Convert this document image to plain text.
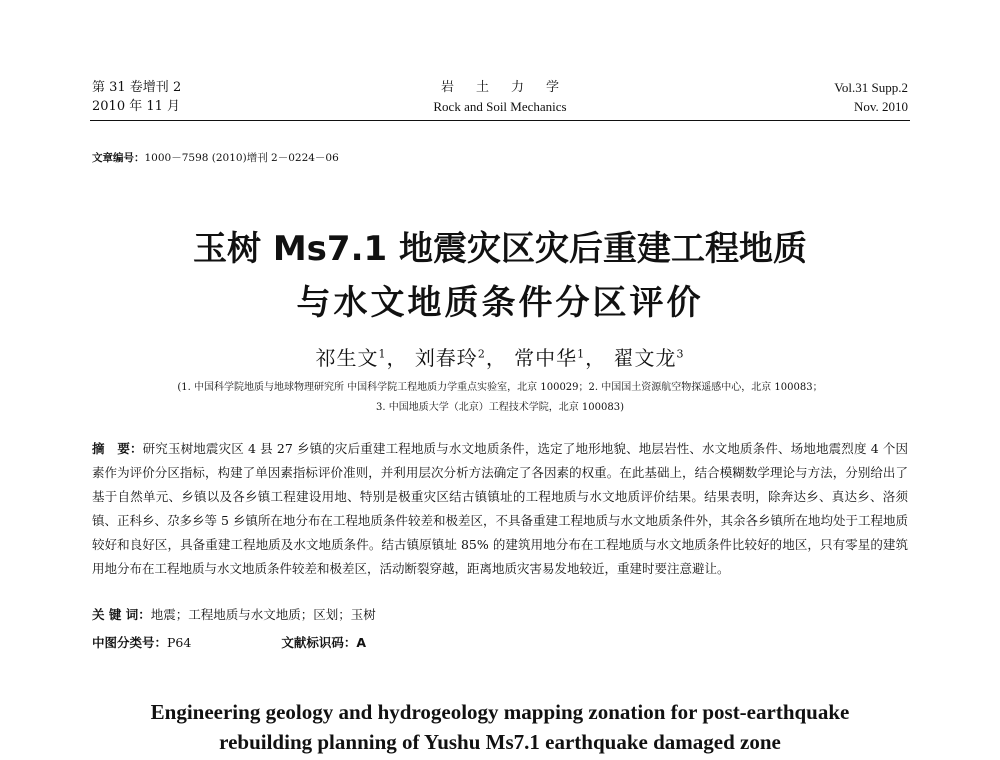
第 31 卷增刊 2
2010 年 11 月
岩土力学
Rock and Soil Mechanics
Vol.31 Supp.2
Nov. 2010
文章编号：1000－7598 (2010)增刊 2－0224－06
玉树 Ms7.1 地震灾区灾后重建工程地质
与水文地质条件分区评价
祁生文$^1$， 刘春玲$^2$， 常中华$^1$， 翟文龙$^3$
(1. 中国科学院地质与地球物理研究所 中国科学院工程地质力学重点实验室，北京 100029；2. 中国国土资源航空物探遥感中心，北京 100083；
3. 中国地质大学（北京）工程技术学院，北京 100083)
摘　要：研究玉树地震灾区 4 县 27 乡镇的灾后重建工程地质与水文地质条件，选定了地形地貌、地层岩性、水文地质条件、场地地震烈度 4 个因素作为评价分区指标，构建了单因素指标评价准则，并利用层次分析方法确定了各因素的权重。在此基础上，结合模糊数学理论与方法，分别给出了基于自然单元、乡镇以及各乡镇工程建设用地、特别是极重灾区结古镇镇址的工程地质与水文地质评价结果。结果表明，除奔达乡、真达乡、洛须镇、正科乡、尕多乡等 5 乡镇所在地分布在工程地质条件较差和极差区，不具备重建工程地质与水文地质条件外，其余各乡镇所在地均处于工程地质较好和良好区，具备重建工程地质及水文地质条件。结古镇原镇址 85% 的建筑用地分布在工程地质与水文地质条件比较好的地区，只有零星的建筑用地分布在工程地质与水文地质条件较差和极差区，活动断裂穿越，距离地质灾害易发地较近，重建时要注意避让。
关 键 词：地震；工程地质与水文地质；区划；玉树
中图分类号：P64	文献标识码：A
Engineering geology and hydrogeology mapping zonation for post-earthquake
rebuilding planning of Yushu Ms7.1 earthquake damaged zone
